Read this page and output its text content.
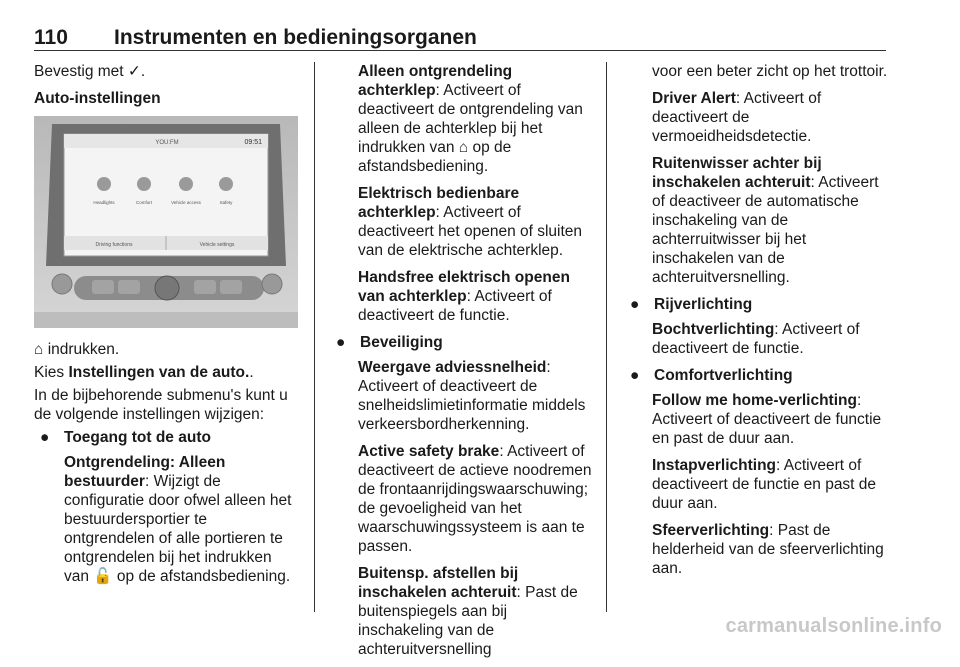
110 Instrumenten en bedieningsorganen

Bevestig met ✓.

Auto-instellingen

YOU:FM	09:51
Headlights	Comfort	Vehicle access	Safety
Driving functions	Vehicle settings

⌂ indrukken.

Kies Instellingen van de auto..

In de bijbehorende submenu's kunt u de volgende instellingen wijzigen:

● Toegang tot de auto

Ontgrendeling: Alleen bestuurder: Wijzigt de configuratie door ofwel alleen het bestuurdersportier te ontgrendelen of alle portieren te ontgrendelen bij het indrukken van 🔓 op de afstandsbediening.

Alleen ontgrendeling achterklep: Activeert of deactiveert de ontgrendeling van alleen de achterklep bij het indrukken van ⌂ op de afstandsbediening.

Elektrisch bedienbare achterklep: Activeert of deactiveert het openen of sluiten van de elektrische achterklep.

Handsfree elektrisch openen van achterklep: Activeert of deactiveert de functie.

● Beveiliging

Weergave adviessnelheid: Activeert of deactiveert de snelheidslimietinformatie middels verkeersbordherkenning.

Active safety brake: Activeert of deactiveert de actieve noodremen de frontaanrijdingswaarschuwing; de gevoeligheid van het waarschuwingssysteem is aan te passen.

Buitensp. afstellen bij inschakelen achteruit: Past de buitenspiegels aan bij inschakeling van de achteruitversnelling

voor een beter zicht op het trottoir.

Driver Alert: Activeert of deactiveert de vermoeidheidsdetectie.

Ruitenwisser achter bij inschakelen achteruit: Activeert of deactiveer de automatische inschakeling van de achterruitwisser bij het inschakelen van de achteruitversnelling.

● Rijverlichting

Bochtverlichting: Activeert of deactiveert de functie.

● Comfortverlichting

Follow me home-verlichting: Activeert of deactiveert de functie en past de duur aan.

Instapverlichting: Activeert of deactiveert de functie en past de duur aan.

Sfeerverlichting: Past de helderheid van de sfeerverlichting aan.

carmanualsonline.info
